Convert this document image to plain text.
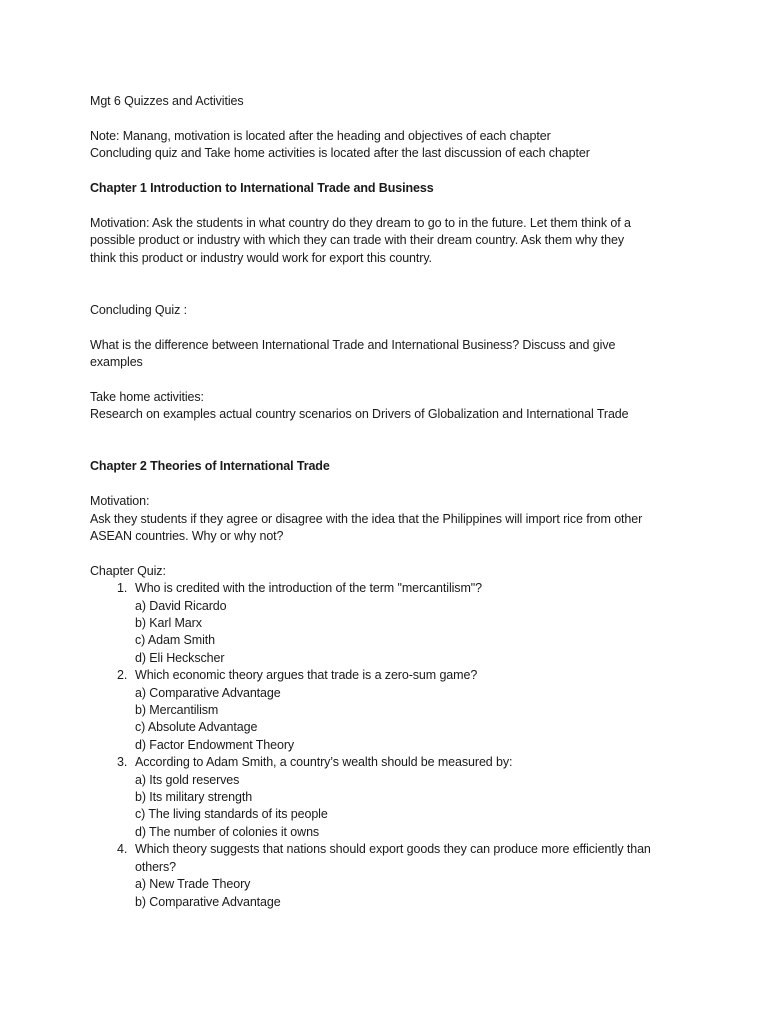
Mgt 6 Quizzes and Activities
Note: Manang, motivation is located after the heading and objectives of each chapter
Concluding quiz and Take home activities is located after the last discussion of each chapter
Chapter 1 Introduction to International Trade and Business
Motivation: Ask the students in what country do they dream to go to in the future. Let them think of a
possible product or industry with which they can trade with their dream country. Ask them why they
think this product or industry would work for export this country.
Concluding Quiz :
What is the difference between International Trade and International Business? Discuss and give
examples
Take home activities:
Research on examples actual country scenarios on Drivers of Globalization and International Trade
Chapter 2 Theories of International Trade
Motivation:
Ask they students if they agree or disagree with the idea that the Philippines will import rice from other
ASEAN countries. Why or why not?
Chapter Quiz:
1. Who is credited with the introduction of the term "mercantilism"?
a) David Ricardo
b) Karl Marx
c) Adam Smith
d) Eli Heckscher
2. Which economic theory argues that trade is a zero-sum game?
a) Comparative Advantage
b) Mercantilism
c) Absolute Advantage
d) Factor Endowment Theory
3. According to Adam Smith, a country’s wealth should be measured by:
a) Its gold reserves
b) Its military strength
c) The living standards of its people
d) The number of colonies it owns
4. Which theory suggests that nations should export goods they can produce more efficiently than others?
a) New Trade Theory
b) Comparative Advantage
